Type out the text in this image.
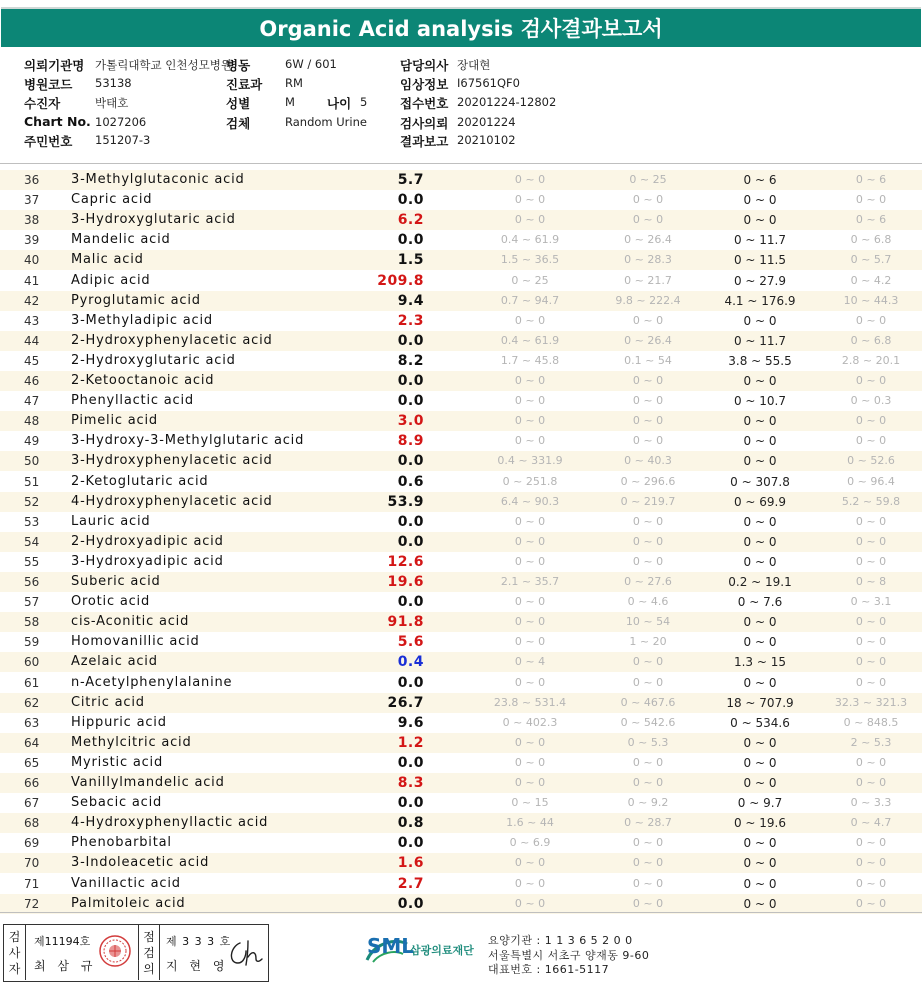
Organic Acid analysis 검사결과보고서
의뢰기관명 가톨릭대학교 인천성모병원
병원코드 53138
수진자	박태호
Chart No. 1027206
주민번호 151207-3
병동	6W / 601
진료과 RM
성별	M
검체	Random Urine
나이 5
담당의사 장대현
임상정보 I67561QF0
접수번호 20201224-12802
검사의뢰 20201224
결과보고 20210102
36	3-Methylglutaconic acid	5.7	0 ~ 0	0 ~ 25	0 ~ 6	0 ~ 6
37	Capric acid	0.0	0 ~ 0	0 ~ 0	0 ~ 0	0 ~ 0
38	3-Hydroxyglutaric acid	6.2	0 ~ 0	0 ~ 0	0 ~ 0	0 ~ 6
39	Mandelic acid	0.0	0.4 ~ 61.9	0 ~ 26.4	0 ~ 11.7	0 ~ 6.8
40	Malic acid	1.5	1.5 ~ 36.5	0 ~ 28.3	0 ~ 11.5	0 ~ 5.7
41	Adipic acid	209.8	0 ~ 25	0 ~ 21.7	0 ~ 27.9	0 ~ 4.2
42	Pyroglutamic acid	9.4	0.7 ~ 94.7	9.8 ~ 222.4	4.1 ~ 176.9	10 ~ 44.3
43	3-Methyladipic acid	2.3	0 ~ 0	0 ~ 0	0 ~ 0	0 ~ 0
44	2-Hydroxyphenylacetic acid	0.0	0.4 ~ 61.9	0 ~ 26.4	0 ~ 11.7	0 ~ 6.8
45	2-Hydroxyglutaric acid	8.2	1.7 ~ 45.8	0.1 ~ 54	3.8 ~ 55.5	2.8 ~ 20.1
46	2-Ketooctanoic acid	0.0	0 ~ 0	0 ~ 0	0 ~ 0	0 ~ 0
47	Phenyllactic acid	0.0	0 ~ 0	0 ~ 0	0 ~ 10.7	0 ~ 0.3
48	Pimelic acid	3.0	0 ~ 0	0 ~ 0	0 ~ 0	0 ~ 0
49	3-Hydroxy-3-Methylglutaric acid	8.9	0 ~ 0	0 ~ 0	0 ~ 0	0 ~ 0
50	3-Hydroxyphenylacetic acid	0.0	0.4 ~ 331.9	0 ~ 40.3	0 ~ 0	0 ~ 52.6
51	2-Ketoglutaric acid	0.6	0 ~ 251.8	0 ~ 296.6	0 ~ 307.8	0 ~ 96.4
52	4-Hydroxyphenylacetic acid	53.9	6.4 ~ 90.3	0 ~ 219.7	0 ~ 69.9	5.2 ~ 59.8
53	Lauric acid	0.0	0 ~ 0	0 ~ 0	0 ~ 0	0 ~ 0
54	2-Hydroxyadipic acid	0.0	0 ~ 0	0 ~ 0	0 ~ 0	0 ~ 0
55	3-Hydroxyadipic acid	12.6	0 ~ 0	0 ~ 0	0 ~ 0	0 ~ 0
56	Suberic acid	19.6	2.1 ~ 35.7	0 ~ 27.6	0.2 ~ 19.1	0 ~ 8
57	Orotic acid	0.0	0 ~ 0	0 ~ 4.6	0 ~ 7.6	0 ~ 3.1
58	cis-Aconitic acid	91.8	0 ~ 0	10 ~ 54	0 ~ 0	0 ~ 0
59	Homovanillic acid	5.6	0 ~ 0	1 ~ 20	0 ~ 0	0 ~ 0
60	Azelaic acid	0.4	0 ~ 4	0 ~ 0	1.3 ~ 15	0 ~ 0
61	n-Acetylphenylalanine	0.0	0 ~ 0	0 ~ 0	0 ~ 0	0 ~ 0
62	Citric acid	26.7	23.8 ~ 531.4	0 ~ 467.6	18 ~ 707.9	32.3 ~ 321.3
63	Hippuric acid	9.6	0 ~ 402.3	0 ~ 542.6	0 ~ 534.6	0 ~ 848.5
64	Methylcitric acid	1.2	0 ~ 0	0 ~ 5.3	0 ~ 0	2 ~ 5.3
65	Myristic acid	0.0	0 ~ 0	0 ~ 0	0 ~ 0	0 ~ 0
66	Vanillylmandelic acid	8.3	0 ~ 0	0 ~ 0	0 ~ 0	0 ~ 0
67	Sebacic acid	0.0	0 ~ 15	0 ~ 9.2	0 ~ 9.7	0 ~ 3.3
68	4-Hydroxyphenyllactic acid	0.8	1.6 ~ 44	0 ~ 28.7	0 ~ 19.6	0 ~ 4.7
69	Phenobarbital	0.0	0 ~ 6.9	0 ~ 0	0 ~ 0	0 ~ 0
70	3-Indoleacetic acid	1.6	0 ~ 0	0 ~ 0	0 ~ 0	0 ~ 0
71	Vanillactic acid	2.7	0 ~ 0	0 ~ 0	0 ~ 0	0 ~ 0
72	Palmitoleic acid	0.0	0 ~ 0	0 ~ 0	0 ~ 0	0 ~ 0
검
사
자
제11194호
최 삼 규
점
검
의
제 3 3 3 호
지 현 영
SML
삼광의료재단
요양기관 : 1 1 3 6 5 2 0 0
서울특별시 서초구 양재동 9-60
대표번호 : 1661-5117
